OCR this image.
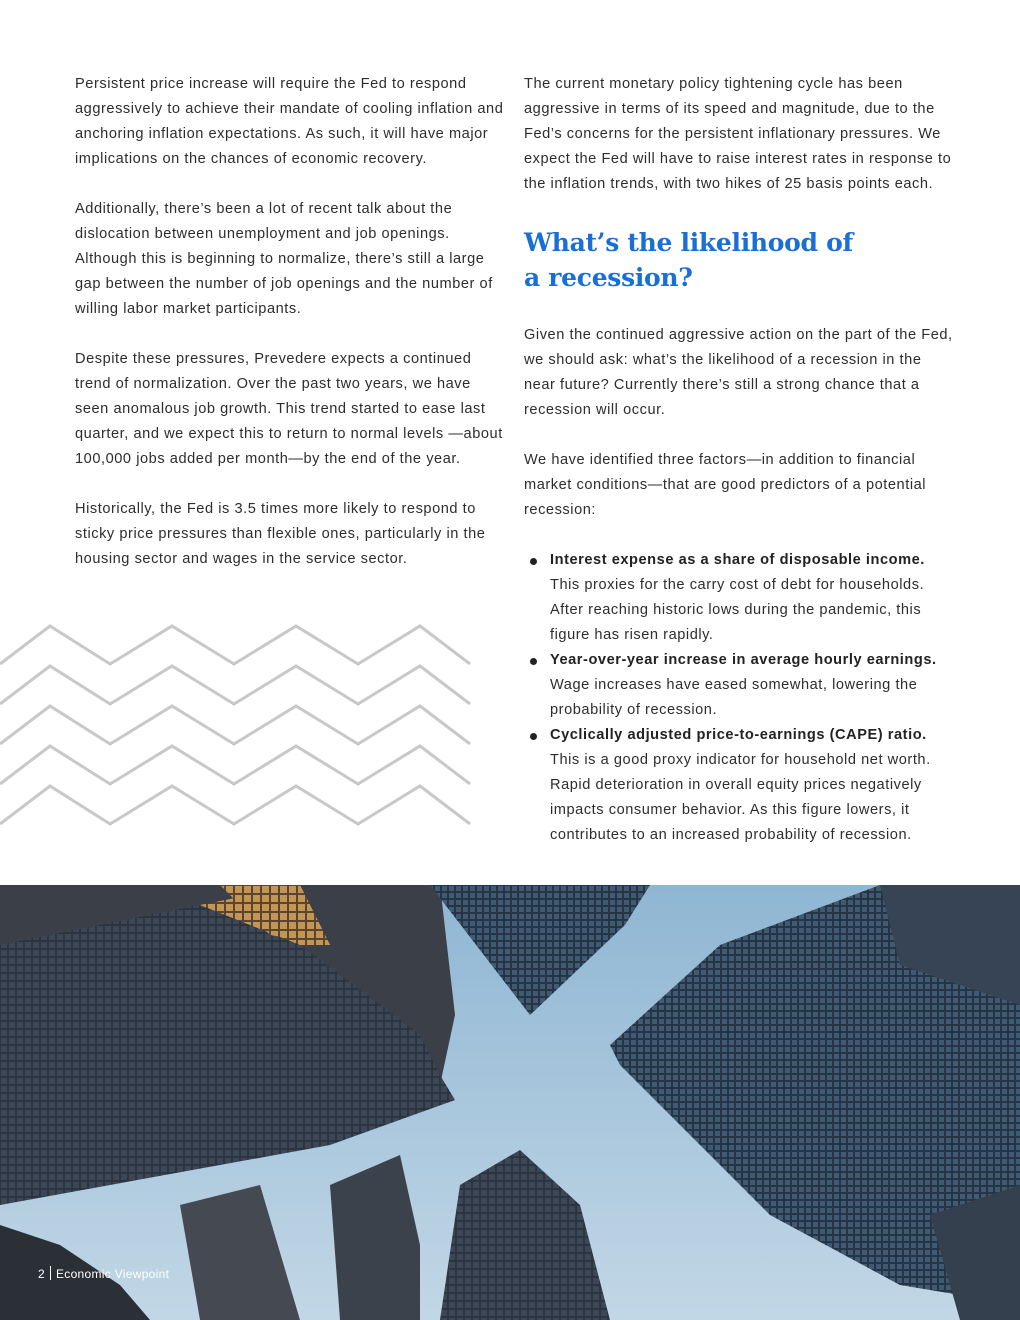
Persistent price increase will require the Fed to respond aggressively to achieve their mandate of cooling inflation and anchoring inflation expectations. As such, it will have major implications on the chances of economic recovery.

Additionally, there’s been a lot of recent talk about the dislocation between unemployment and job openings. Although this is beginning to normalize, there’s still a large gap between the number of job openings and the number of willing labor market participants.

Despite these pressures, Prevedere expects a continued trend of normalization. Over the past two years, we have seen anomalous job growth. This trend started to ease last quarter, and we expect this to return to normal levels —about 100,000 jobs added per month—by the end of the year.

Historically, the Fed is 3.5 times more likely to respond to sticky price pressures than flexible ones, particularly in the housing sector and wages in the service sector.

The current monetary policy tightening cycle has been aggressive in terms of its speed and magnitude, due to the Fed’s concerns for the persistent inflationary pressures. We expect the Fed will have to raise interest rates in response to the inflation trends, with two hikes of 25 basis points each.

What’s the likelihood of
a recession?

Given the continued aggressive action on the part of the Fed, we should ask: what’s the likelihood of a recession in the near future? Currently there’s still a strong chance that a recession will occur.

We have identified three factors—in addition to financial market conditions—that are good predictors of a potential recession:

Interest expense as a share of disposable income. This proxies for the carry cost of debt for households. After reaching historic lows during the pandemic, this figure has risen rapidly.
Year-over-year increase in average hourly earnings. Wage increases have eased somewhat, lowering the probability of recession.
Cyclically adjusted price-to-earnings (CAPE) ratio. This is a good proxy indicator for household net worth. Rapid deterioration in overall equity prices negatively impacts consumer behavior. As this figure lowers, it contributes to an increased probability of recession.
2 Economic Viewpoint
